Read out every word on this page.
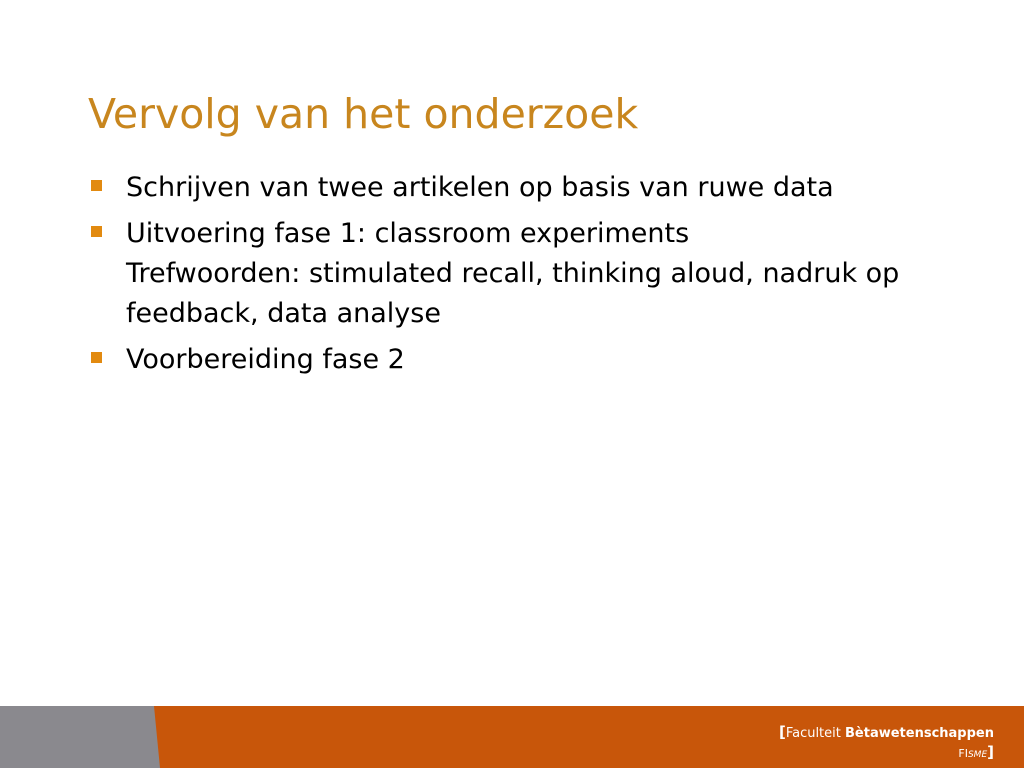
Vervolg van het onderzoek
Schrijven van twee artikelen op basis van ruwe data
Uitvoering fase 1: classroom experiments
Trefwoorden: stimulated recall, thinking aloud, nadruk op feedback, data analyse
Voorbereiding fase 2
[Faculteit Bètawetenschappen
FISME]
